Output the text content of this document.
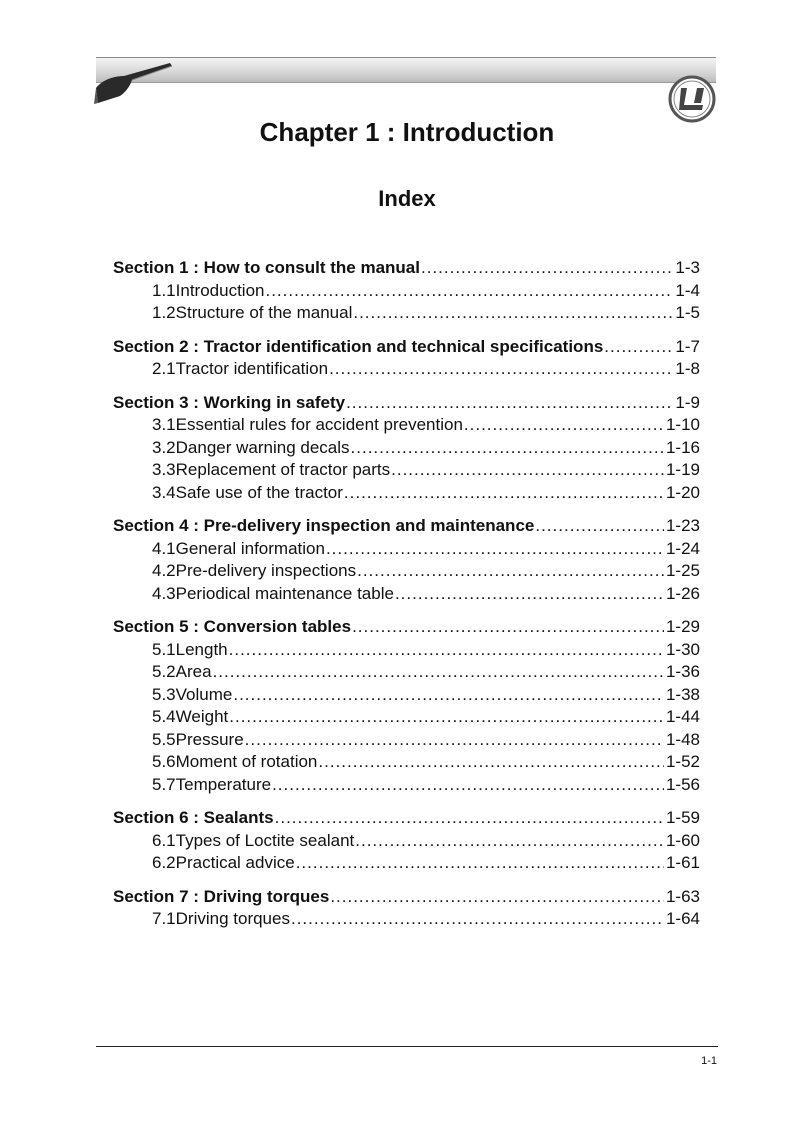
Chapter 1 : Introduction
Index
Section 1 : How to consult the manual .....	1-3
1.1 Introduction .....	1-4
1.2 Structure of the manual .....	1-5
Section 2 : Tractor identification and technical specifications .....	1-7
2.1 Tractor identification .....	1-8
Section 3 : Working in safety .....	1-9
3.1 Essential rules for accident prevention .....	1-10
3.2 Danger warning decals .....	1-16
3.3 Replacement of tractor parts .....	1-19
3.4 Safe use of the tractor .....	1-20
Section 4 : Pre-delivery inspection and maintenance .....	1-23
4.1 General information .....	1-24
4.2 Pre-delivery inspections .....	1-25
4.3 Periodical maintenance table .....	1-26
Section 5 : Conversion tables .....	1-29
5.1 Length .....	1-30
5.2 Area .....	1-36
5.3 Volume .....	1-38
5.4 Weight .....	1-44
5.5 Pressure .....	1-48
5.6 Moment of rotation .....	1-52
5.7 Temperature .....	1-56
Section 6 : Sealants .....	1-59
6.1 Types of Loctite sealant .....	1-60
6.2 Practical advice .....	1-61
Section 7 : Driving torques .....	1-63
7.1 Driving torques .....	1-64
1-1
